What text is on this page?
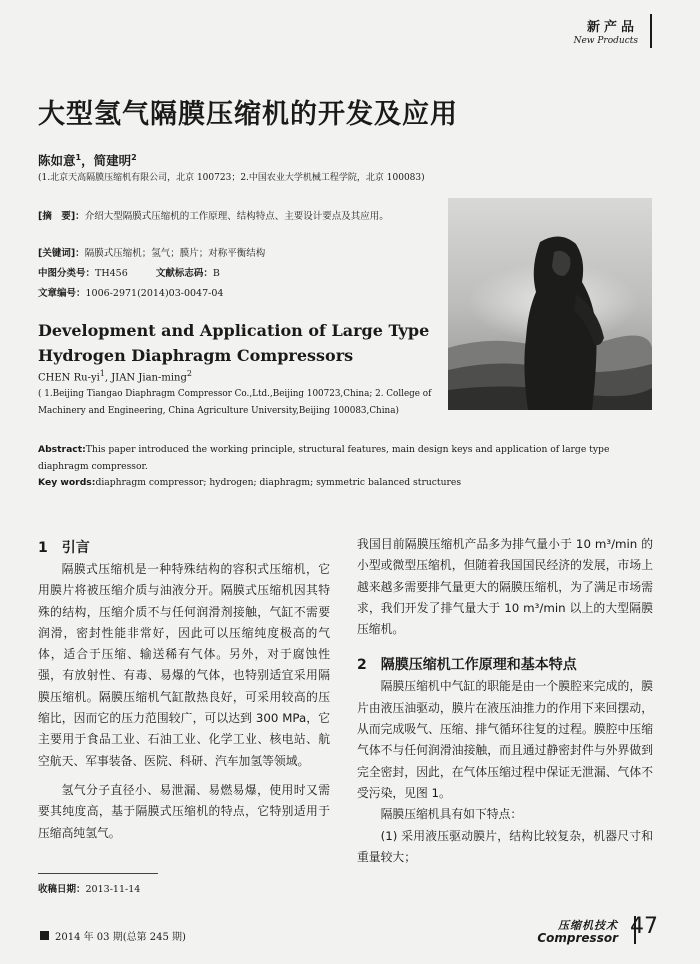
新产品
New Products
大型氢气隔膜压缩机的开发及应用
陈如意$^1$，简建明$^2$
(1.北京天高隔膜压缩机有限公司，北京 100723；2.中国农业大学机械工程学院，北京 100083)
[摘　要]：介绍大型隔膜式压缩机的工作原理、结构特点、主要设计要点及其应用。
[关键词]：隔膜式压缩机；氢气；膜片；对称平衡结构
中图分类号：TH456	文献标志码：B
文章编号：1006-2971(2014)03-0047-04
Development and Application of Large Type Hydrogen Diaphragm Compressors
CHEN $Ru-yi^1$, JIAN Jian-ming$^2$
( 1.Beijing Tiangao Diaphragm Compressor Co.,Ltd.,Beijing 100723,China; 2. College of Machinery and Engineering, China Agriculture University,Beijing 100083,China)
Abstract:This paper introduced the working principle, structural features, main design keys and application of large type diaphragm compressor.
Key words:diaphragm compressor; hydrogen; diaphragm; symmetric balanced structures
1 引言

隔膜式压缩机是一种特殊结构的容积式压缩机，它用膜片将被压缩介质与油液分开。隔膜式压缩机因其特殊的结构，压缩介质不与任何润滑剂接触，气缸不需要润滑，密封性能非常好，因此可以压缩纯度极高的气体，适合于压缩、输送稀有气体。另外，对于腐蚀性强，有放射性、有毒、易爆的气体，也特别适宜采用隔膜压缩机。隔膜压缩机气缸散热良好，可采用较高的压缩比，因而它的压力范围较广，可以达到 300 MPa，它主要用于食品工业、石油工业、化学工业、核电站、航空航天、军事装备、医院、科研、汽车加氢等领域。

氢气分子直径小、易泄漏、易燃易爆，使用时又需要其纯度高，基于隔膜式压缩机的特点，它特别适用于压缩高纯氢气。

我国目前隔膜压缩机产品多为排气量小于 10 m³/min 的小型或微型压缩机，但随着我国国民经济的发展，市场上越来越多需要排气量更大的隔膜压缩机，为了满足市场需求，我们开发了排气量大于 10 m³/min 以上的大型隔膜压缩机。

2 隔膜压缩机工作原理和基本特点

隔膜压缩机中气缸的职能是由一个膜腔来完成的，膜片由液压油驱动，膜片在液压油推力的作用下来回摆动，从而完成吸气、压缩、排气循环往复的过程。膜腔中压缩气体不与任何润滑油接触，而且通过静密封件与外界做到完全密封，因此，在气体压缩过程中保证无泄漏、气体不受污染，见图 1。

隔膜压缩机具有如下特点：

(1) 采用液压驱动膜片，结构比较复杂，机器尺寸和重量较大；

收稿日期：2013-11-14
2014 年 03 期(总第 245 期)
压缩机技术
Compressor 47
